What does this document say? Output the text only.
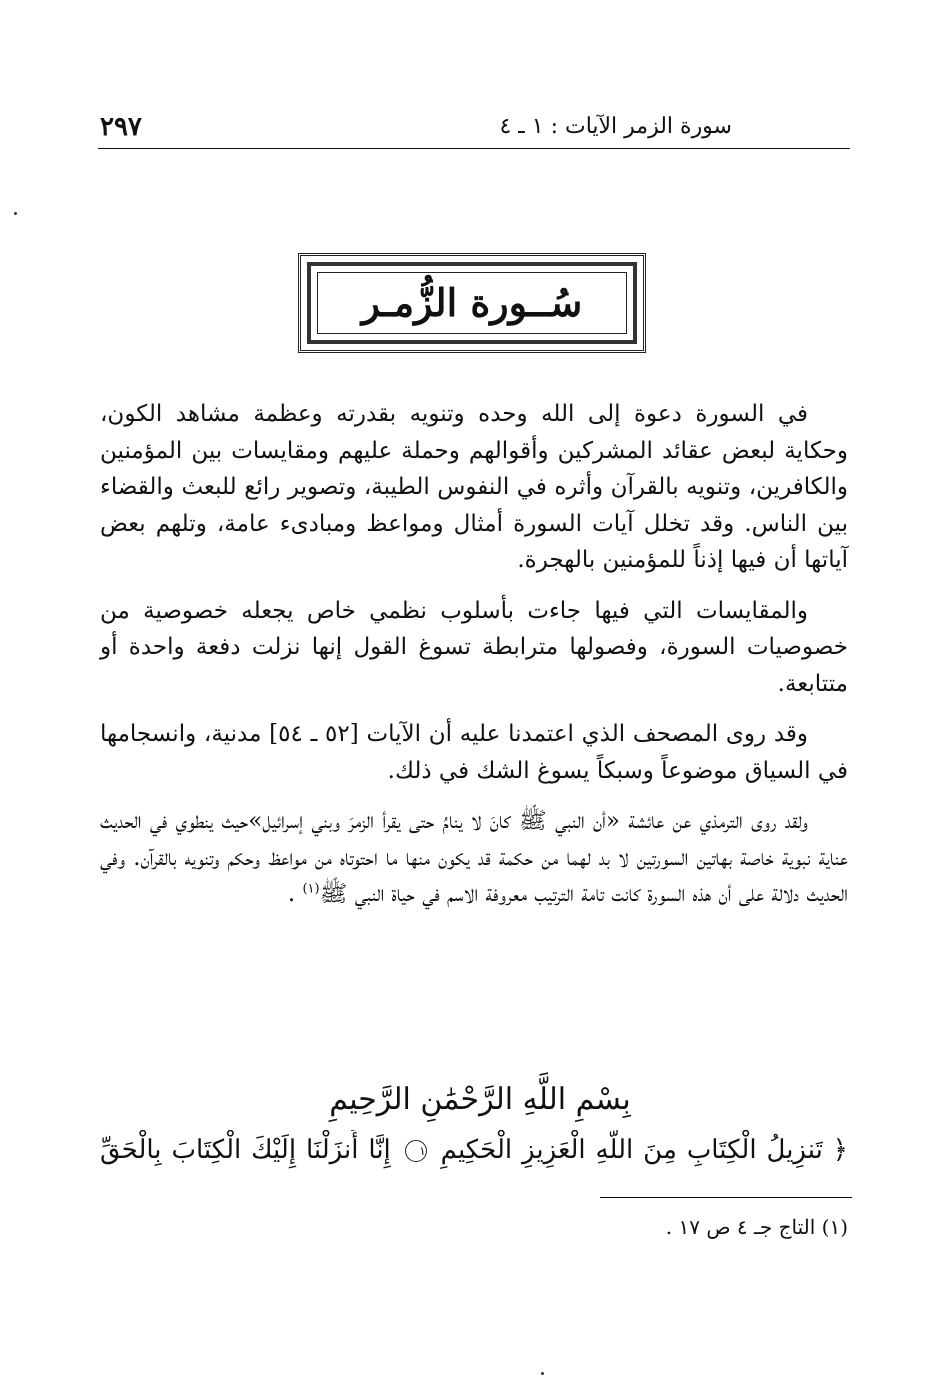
سورة الزمر الآيات : ١ ـ ٤
٢٩٧
سُــورة الزُّمـر

في السورة دعوة إلى الله وحده وتنويه بقدرته وعظمة مشاهد الكون، وحكاية لبعض عقائد المشركين وأقوالهم وحملة عليهم ومقايسات بين المؤمنين والكافرين، وتنويه بالقرآن وأثره في النفوس الطيبة، وتصوير رائع للبعث والقضاء بين الناس. وقد تخلل آيات السورة أمثال ومواعظ ومبادىء عامة، وتلهم بعض آياتها أن فيها إذناً للمؤمنين بالهجرة.

والمقايسات التي فيها جاءت بأسلوب نظمي خاص يجعله خصوصية من خصوصيات السورة، وفصولها مترابطة تسوغ القول إنها نزلت دفعة واحدة أو متتابعة.

وقد روى المصحف الذي اعتمدنا عليه أن الآيات [٥٢ ـ ٥٤] مدنية، وانسجامها في السياق موضوعاً وسبكاً يسوغ الشك في ذلك.

ولقد روى الترمذي عن عائشة «أن النبي ﷺ كانَ لا ينامُ حتى يقرأ الزمرَ وبني إسرائيل»حيث ينطوي في الحديث عناية نبوية خاصة بهاتين السورتين لا بد لهما من حكمة قد يكون منها ما احتوتاه من مواعظ وحكم وتنويه بالقرآن. وفي الحديث دلالة على أن هذه السورة كانت تامة الترتيب معروفة الاسم في حياة النبي ﷺ$^{(١)}$ .

بِسْمِ اللَّهِ الرَّحْمَٰنِ الرَّحِيمِ
﴿ تَنزِيلُ الْكِتَابِ مِنَ اللَّهِ الْعَزِيزِ الْحَكِيمِ ١ إِنَّا أَنزَلْنَا إِلَيْكَ الْكِتَابَ بِالْحَقِّ
(١) التاج جـ ٤ ص ١٧ .
